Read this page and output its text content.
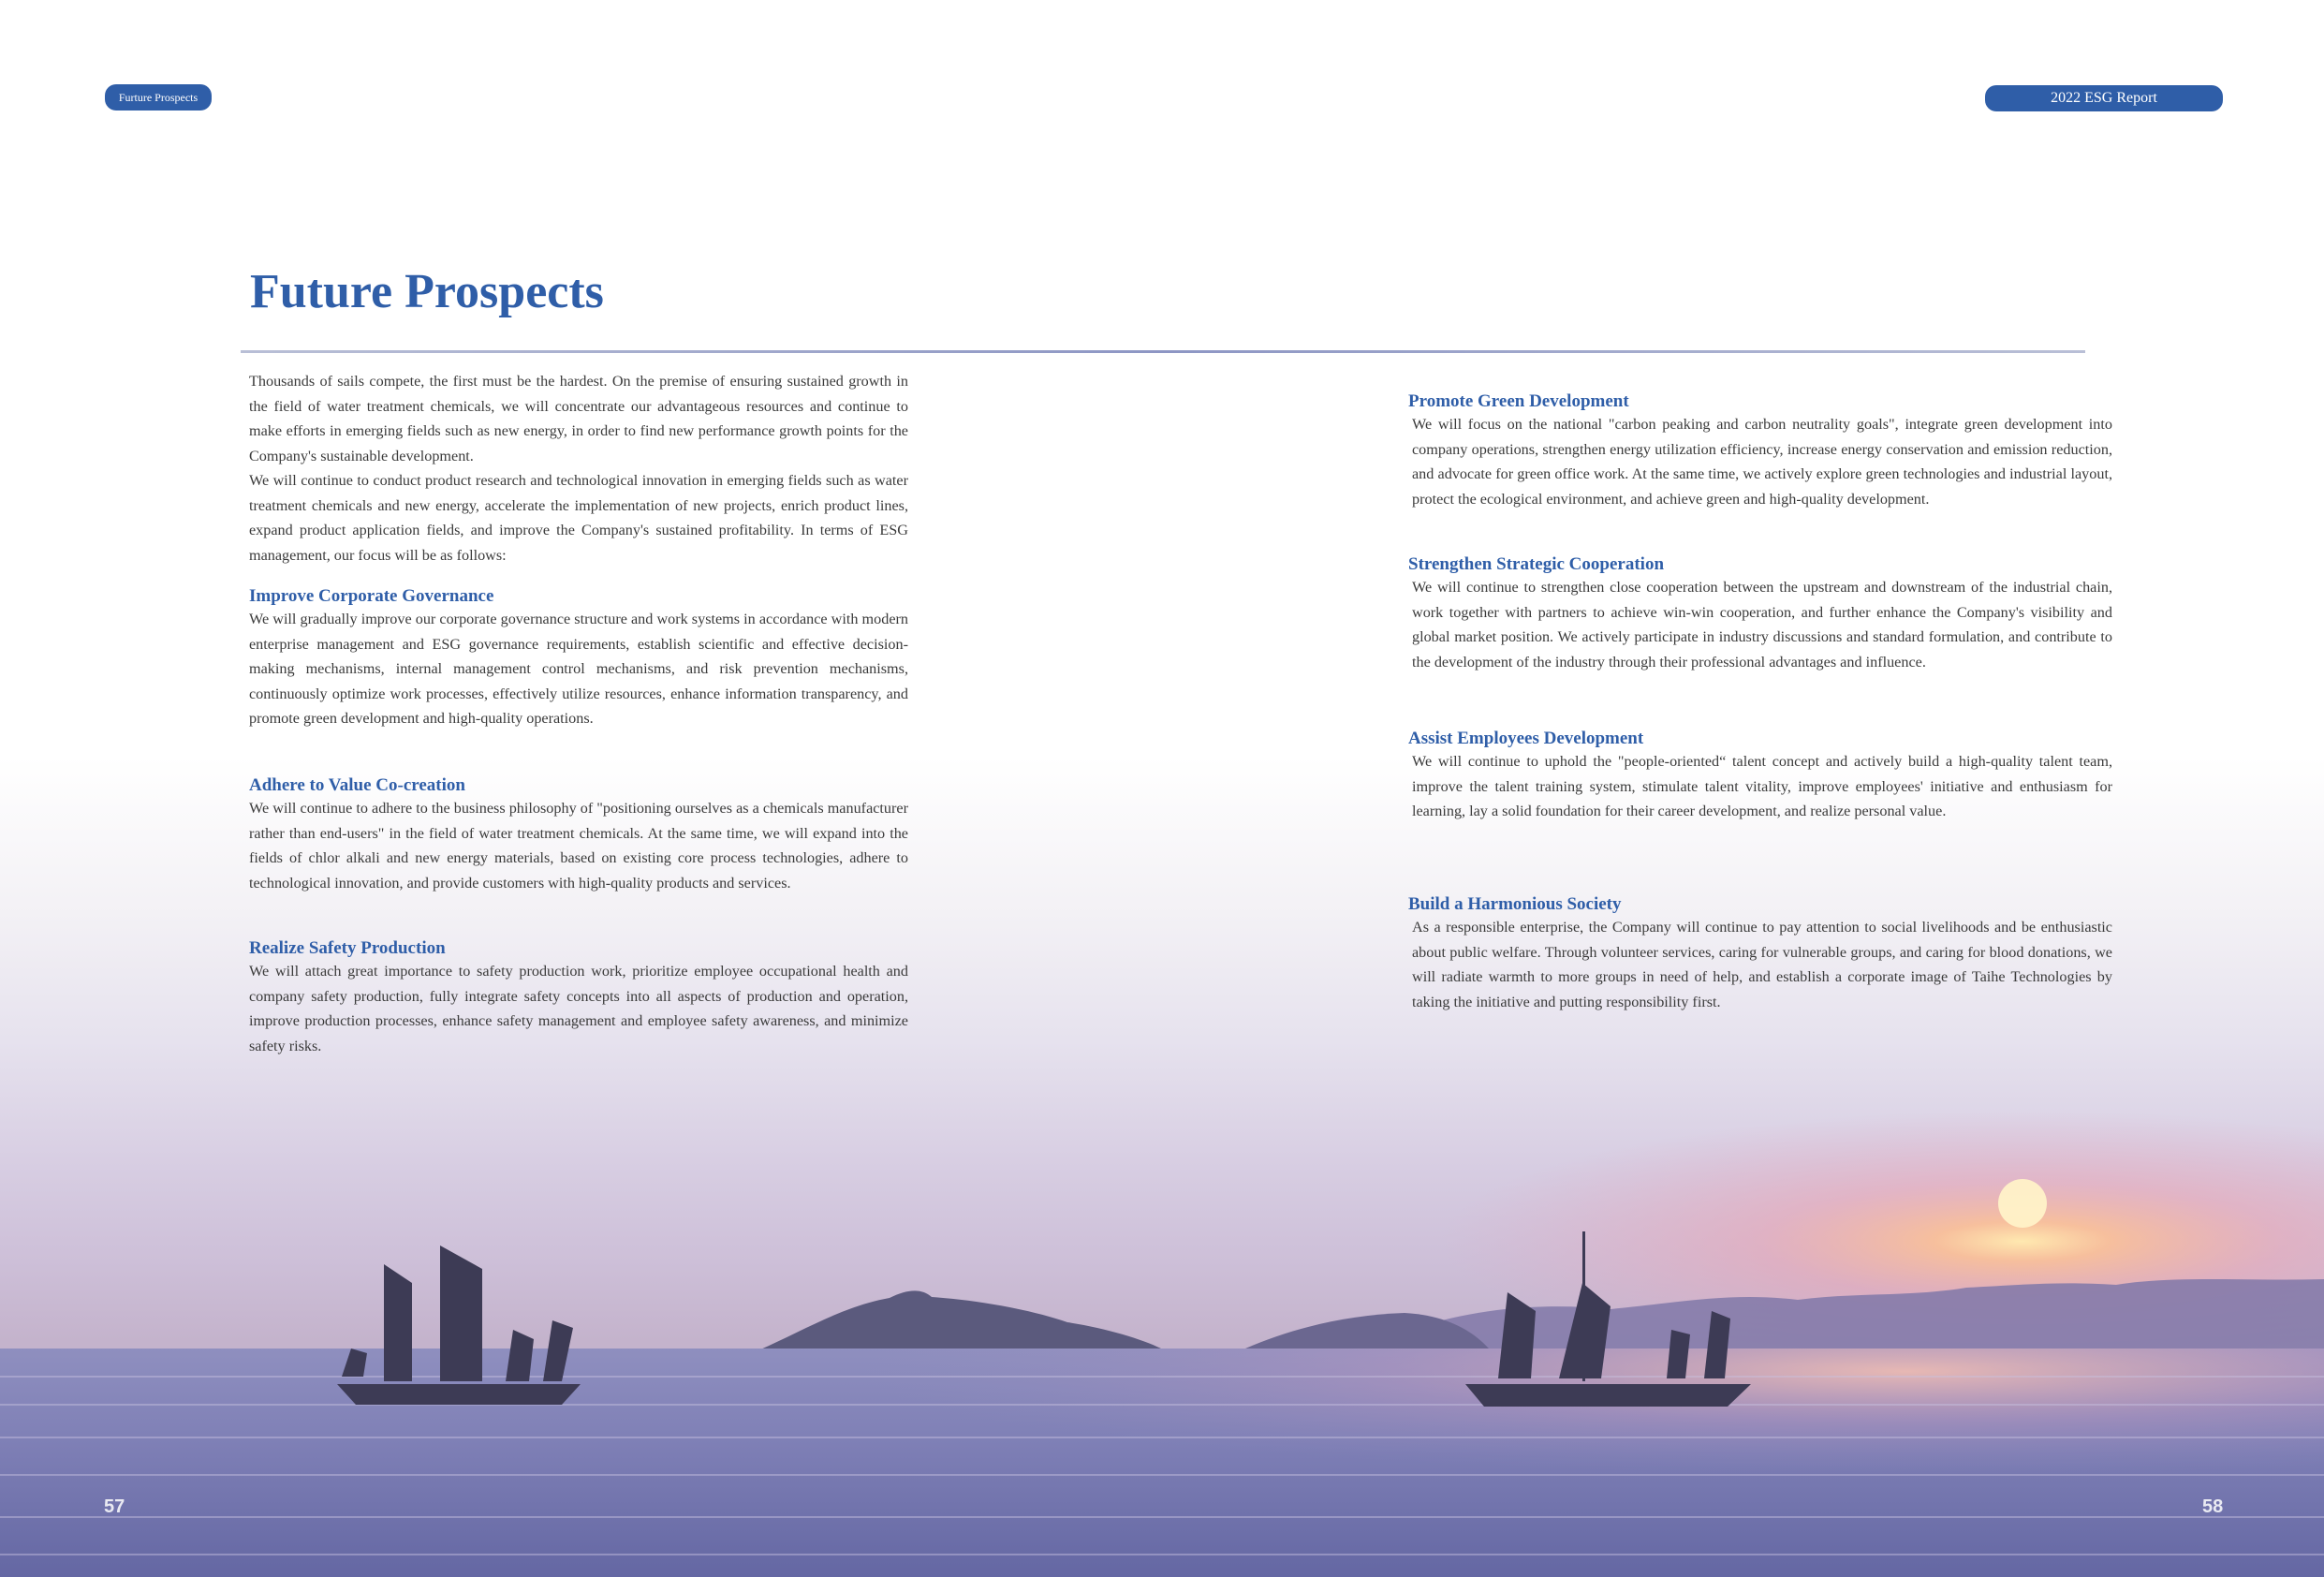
Furture Prospects	2022 ESG Report
Future Prospects

Thousands of sails compete, the first must be the hardest. On the premise of ensuring sustained growth in the field of water treatment chemicals, we will concentrate our advantageous resources and continue to make efforts in emerging fields such as new energy, in order to find new performance growth points for the Company's sustainable development.

We will continue to conduct product research and technological innovation in emerging fields such as water treatment chemicals and new energy, accelerate the implementation of new projects, enrich product lines, expand product application fields, and improve the Company's sustained profitability. In terms of ESG management, our focus will be as follows:

Improve Corporate Governance

We will gradually improve our corporate governance structure and work systems in accordance with modern enterprise management and ESG governance requirements, establish scientific and effective decision-making mechanisms, internal management control mechanisms, and risk prevention mechanisms, continuously optimize work processes, effectively utilize resources, enhance information transparency, and promote green development and high-quality operations.

Adhere to Value Co-creation

We will continue to adhere to the business philosophy of "positioning ourselves as a chemicals manufacturer rather than end-users" in the field of water treatment chemicals. At the same time, we will expand into the fields of chlor alkali and new energy materials, based on existing core process technologies, adhere to technological innovation, and provide customers with high-quality products and services.

Realize Safety Production

We will attach great importance to safety production work, prioritize employee occupational health and company safety production, fully integrate safety concepts into all aspects of production and operation, improve production processes, enhance safety management and employee safety awareness, and minimize safety risks.

Promote Green Development

We will focus on the national "carbon peaking and carbon neutrality goals", integrate green development into company operations, strengthen energy utilization efficiency, increase energy conservation and emission reduction, and advocate for green office work. At the same time, we actively explore green technologies and industrial layout, protect the ecological environment, and achieve green and high-quality development.

Strengthen Strategic Cooperation

We will continue to strengthen close cooperation between the upstream and downstream of the industrial chain, work together with partners to achieve win-win cooperation, and further enhance the Company's visibility and global market position. We actively participate in industry discussions and standard formulation, and contribute to the development of the industry through their professional advantages and influence.

Assist Employees Development

We will continue to uphold the "people-oriented“ talent concept and actively build a high-quality talent team, improve the talent training system, stimulate talent vitality, improve employees' initiative and enthusiasm for learning, lay a solid foundation for their career development, and realize personal value.

Build a Harmonious Society

As a responsible enterprise, the Company will continue to pay attention to social livelihoods and be enthusiastic about public welfare. Through volunteer services, caring for vulnerable groups, and caring for blood donations, we will radiate warmth to more groups in need of help, and establish a corporate image of Taihe Technologies by taking the initiative and putting responsibility first.

57	58
